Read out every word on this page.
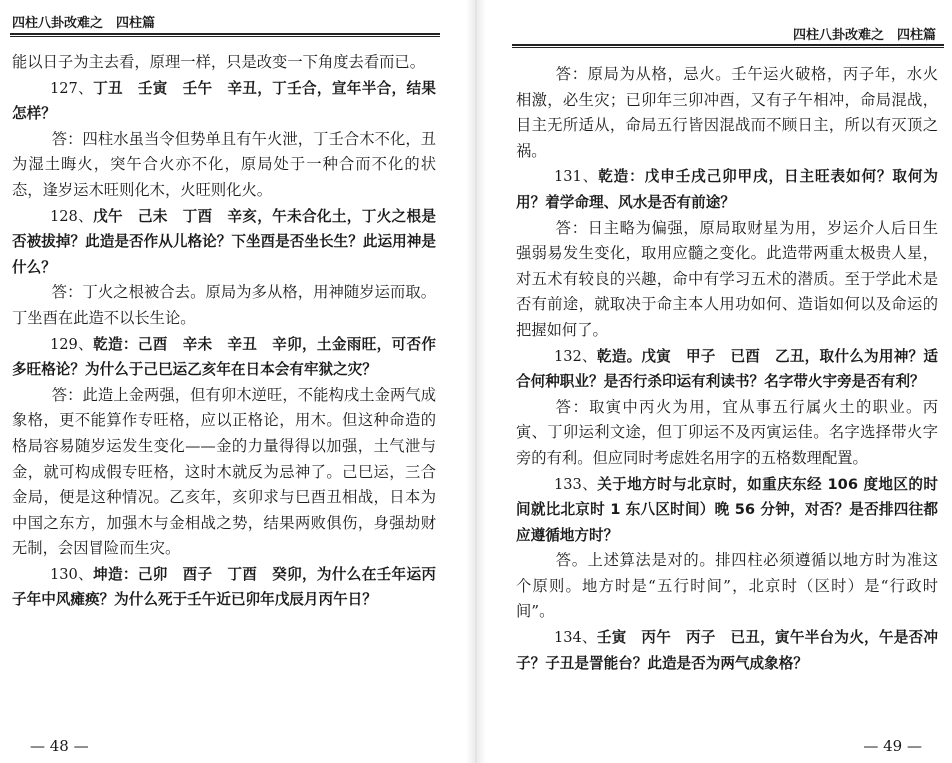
四柱八卦改难之　四柱篇

能以日子为主去看，原理一样，只是改变一下角度去看而已。

127、丁丑　壬寅　壬午　辛丑，丁壬合，宣年半合，结果怎样？

答：四柱水虽当令但势单且有午火泄，丁壬合木不化，丑为湿土晦火，突午合火亦不化，原局处于一种合而不化的状态，逢岁运木旺则化木，火旺则化火。

128、戊午　己未　丁酉　辛亥，午未合化土，丁火之根是否被拔掉？此造是否作从儿格论？下坐酉是否坐长生？此运用神是什么？

答：丁火之根被合去。原局为多从格，用神随岁运而取。丁坐酉在此造不以长生论。

129、乾造：己酉　辛未　辛丑　辛卯，土金雨旺，可否作多旺格论？为什么于己巳运乙亥年在日本会有牢狱之灾？

答：此造上金两强，但有卯木逆旺，不能构戌土金两气成象格，更不能算作专旺格，应以正格论，用木。但这种命造的格局容易随岁运发生变化——金的力量得得以加强，土气泄与金，就可构成假专旺格，这时木就反为忌神了。己巳运，三合金局，便是这种情况。乙亥年，亥卯求与巳酉丑相战，日本为中国之东方，加强木与金相战之势，结果两败俱伤，身强劫财无制，会因冒险而生灾。

130、坤造：己卯　酉子　丁酉　癸卯，为什么在壬年运丙子年中风瘫痪？为什么死于壬午近已卯年戊辰月丙午日？

— 48 —
四柱八卦改难之　四柱篇

答：原局为从格，忌火。壬午运火破格，丙子年，水火相激，必生灾；已卯年三卯冲酉，又有子午相冲，命局混战，目主无所适从，命局五行皆因混战而不顾日主，所以有灭顶之祸。

131、乾造：戊申壬戌己卯甲戌，日主旺表如何？取何为用？着学命理、风水是否有前途？

答：日主略为偏强，原局取财星为用，岁运介人后日生强弱易发生变化，取用应髓之变化。此造带两重太极贵人星，对五术有较良的兴趣，命中有学习五术的潜质。至于学此术是否有前途，就取决于命主本人用功如何、造诣如何以及命运的把握如何了。

132、乾造。戊寅　甲子　已酉　乙丑，取什么为用神？适合何种职业？是否行杀印运有利读书？名字带火宇旁是否有利？

答：取寅中丙火为用，宜从事五行属火土的职业。丙寅、丁卯运利文途，但丁卯运不及丙寅运佳。名字选择带火字旁的有利。但应同时考虑姓名用字的五格数理配置。

133、关于地方时与北京时，如重庆东经 106 度地区的时间就比北京时 1 东八区时间）晚 56 分钟，对否？是否排四往都应遵循地方时？

答。上述算法是对的。排四柱必须遵循以地方时为准这个原则。地方时是“五行时间”，北京时（区时）是“行政时间”。

134、壬寅　丙午　丙子　已丑，寅午半台为火，午是否冲子？子丑是詈能台？此造是否为两气成象格？

— 49 —
